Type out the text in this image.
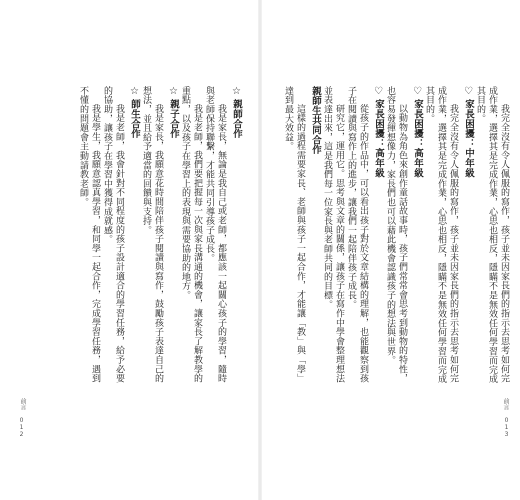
☆親師合作
我是家長，無論是我自己或老師，都應該一起關心孩子的學習，隨時與老師保持聯繫，才能共同引導孩子成長。
我是老師，我們要把握每一次與家長溝通的機會，讓家長了解教學的重點，以及孩子在學習上的表現與需要協助的地方。
☆親子合作
我是家長，我願意花時間陪伴孩子閱讀與寫作，鼓勵孩子表達自己的想法，並且給予適當的回饋與支持。
☆師生合作
我是老師，我會針對不同程度的孩子設計適合的學習任務，給予必要的協助，讓孩子在學習中獲得成就感。
我是學生，我願意認真學習，和同學一起合作，完成學習任務，遇到不懂的問題會主動請教老師。
前言
012
我完全沒有令人佩服的寫作，孩子並未因家長們的指示去思考如何完成作業，選擇其是完成作業，心思也相反，隱瞞不是無效任何學習而完成其目的。
♡家長困擾：中年級
我完全沒有令人佩服的寫作，孩子並未因家長們的指示去思考如何完成作業，選擇其是完成作業，心思也相反，隱瞞不是無效任何學習而完成其目的。
♡家長困擾：高年級
以動物為角色來創作童話故事時，孩子們常常會思考到動物的特性，也容易發揮想像力，家長們也可以藉此機會認識孩子的想法與世界。
♡家長困擾：高年級
從孩子的作品中，可以看出孩子對於文章結構的理解，也能觀察到孩子在閱讀與寫作上的進步，讓我們一起陪伴孩子成長。
研究它，運用它。思考與文章的關係，讓孩子在寫作中學會整理想法並表達出來，這是我們每一位家長與老師共同的目標。
親師生共同合作
這樣的過程需要家長、老師與孩子一起合作，才能讓「教」與「學」達到最大效益。
前言
013
